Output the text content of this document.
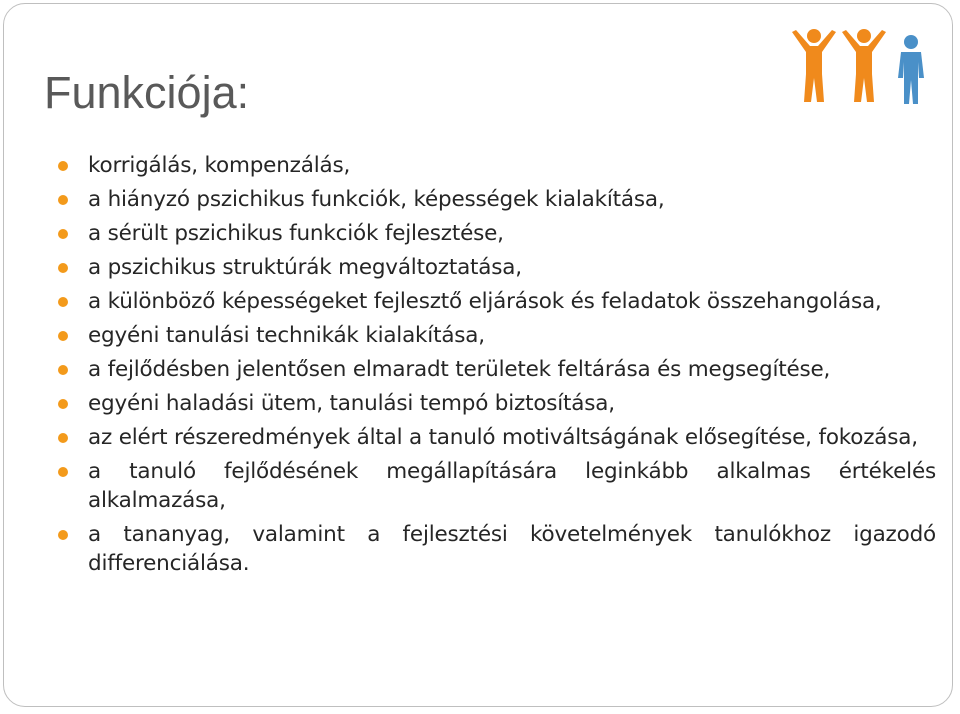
Funkciója:
korrigálás, kompenzálás,
a hiányzó pszichikus funkciók, képességek kialakítása,
a sérült pszichikus funkciók fejlesztése,
a pszichikus struktúrák megváltoztatása,
a különböző képességeket fejlesztő eljárások és feladatok összehangolása,
egyéni tanulási technikák kialakítása,
a fejlődésben jelentősen elmaradt területek feltárása és megsegítése,
egyéni haladási ütem, tanulási tempó biztosítása,
az elért részeredmények által a tanuló motiváltságának elősegítése, fokozása,
a tanuló fejlődésének megállapítására leginkább alkalmas értékelés alkalmazása,
a tananyag, valamint a fejlesztési követelmények tanulókhoz igazodó differenciálása.
